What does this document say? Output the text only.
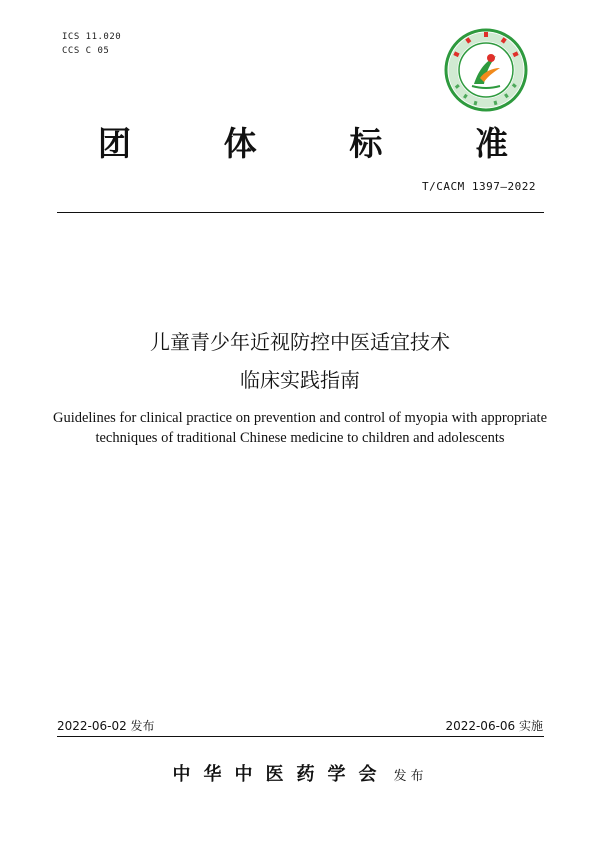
ICS 11.020
CCS C 05
团	体	标	准
T/CACM 1397—2022
儿童青少年近视防控中医适宜技术
临床实践指南
Guidelines for clinical practice on prevention and control of myopia with appropriate
techniques of traditional Chinese medicine to children and adolescents
2022-06-02 发布	2022-06-06 实施
中华中医药学会 发布
